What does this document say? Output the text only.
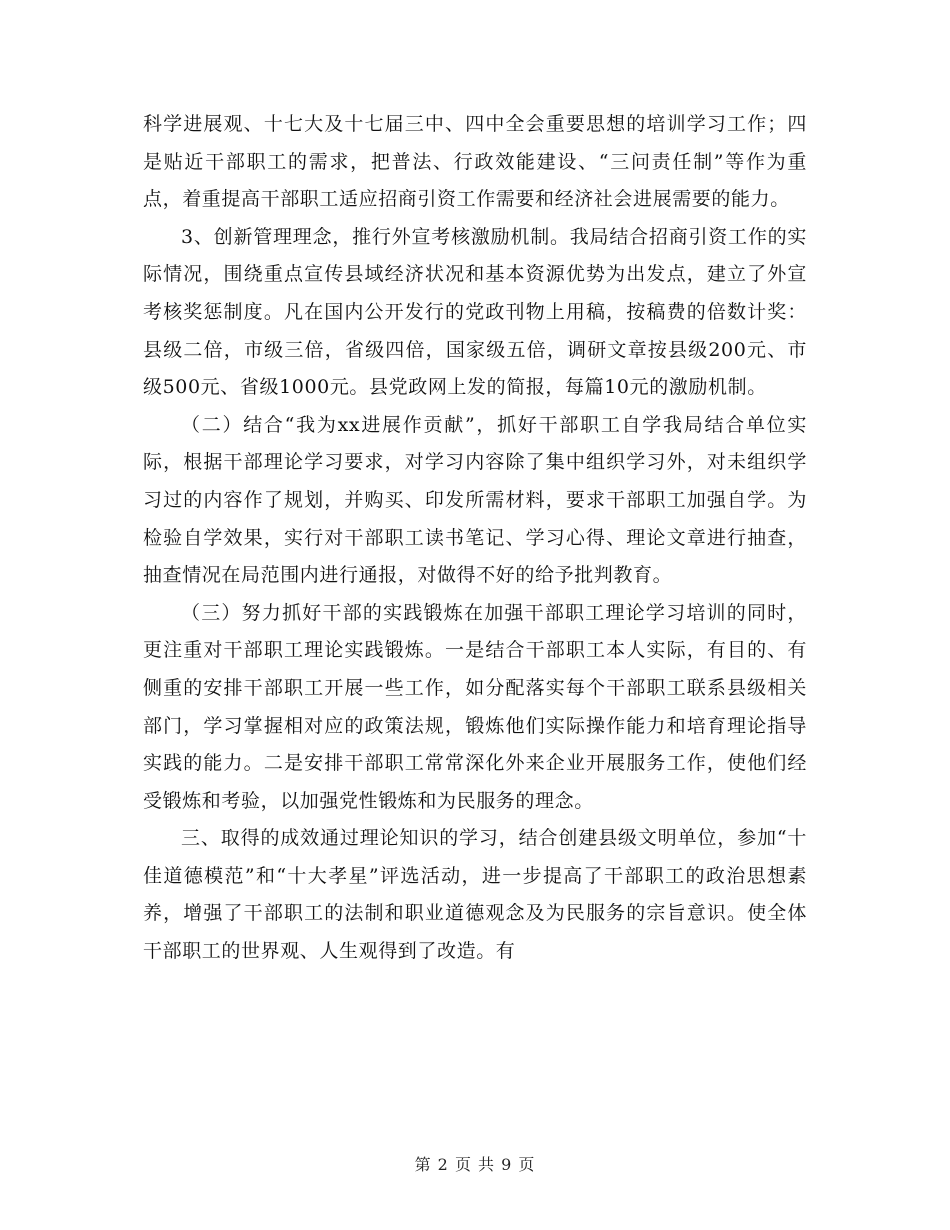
科学进展观、十七大及十七届三中、四中全会重要思想的培训学习工作；四是贴近干部职工的需求，把普法、行政效能建设、“三问责任制”等作为重点，着重提高干部职工适应招商引资工作需要和经济社会进展需要的能力。

3、创新管理理念，推行外宣考核激励机制。我局结合招商引资工作的实际情况，围绕重点宣传县域经济状况和基本资源优势为出发点，建立了外宣考核奖惩制度。凡在国内公开发行的党政刊物上用稿，按稿费的倍数计奖：县级二倍，市级三倍，省级四倍，国家级五倍，调研文章按县级200元、市级500元、省级1000元。县党政网上发的简报，每篇10元的激励机制。

（二）结合“我为xx进展作贡献”，抓好干部职工自学我局结合单位实际，根据干部理论学习要求，对学习内容除了集中组织学习外，对未组织学习过的内容作了规划，并购买、印发所需材料，要求干部职工加强自学。为检验自学效果，实行对干部职工读书笔记、学习心得、理论文章进行抽查，抽查情况在局范围内进行通报，对做得不好的给予批判教育。

（三）努力抓好干部的实践锻炼在加强干部职工理论学习培训的同时，更注重对干部职工理论实践锻炼。一是结合干部职工本人实际，有目的、有侧重的安排干部职工开展一些工作，如分配落实每个干部职工联系县级相关部门，学习掌握相对应的政策法规，锻炼他们实际操作能力和培育理论指导实践的能力。二是安排干部职工常常深化外来企业开展服务工作，使他们经受锻炼和考验，以加强党性锻炼和为民服务的理念。

三、取得的成效通过理论知识的学习，结合创建县级文明单位，参加“十佳道德模范”和“十大孝星”评选活动，进一步提高了干部职工的政治思想素养，增强了干部职工的法制和职业道德观念及为民服务的宗旨意识。使全体干部职工的世界观、人生观得到了改造。有

第 2 页 共 9 页
